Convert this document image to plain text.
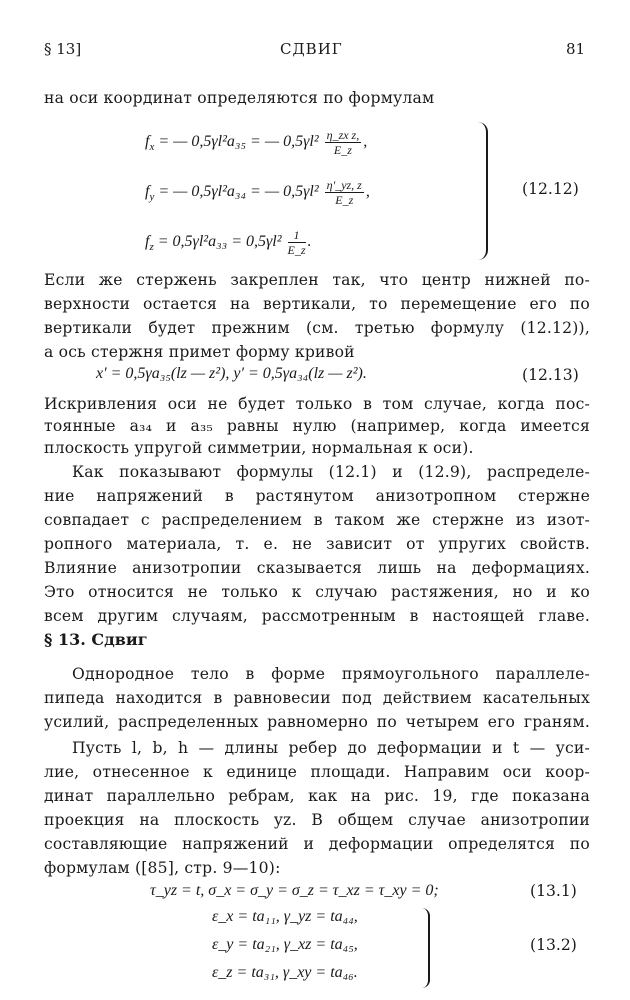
§ 13]	СДВИГ	81
на оси координат определяются по формулам
$f_x$ = — 0,5γl²a₃₅ = — $0,5\gamma l^2 \frac{\text{η\_zx z,}}{E\_z}$ ,
$f_y$ = — 0,5γl²a₃₄ = — $0,5\gamma l^2 \frac{\eta'\_yz, z}{E\_z}$ ,
$f_z = 0,5\gamma l^2a_{33} = 0,5\gamma l^2 \frac{1}{E\_z}$ .
(12.12)
Если же стержень закреплен так, что центр нижней по-
верхности остается на вертикали, то перемещение его по
вертикали будет прежним (см. третью формулу (12.12)),
а ось стержня примет форму кривой
x′ = 0,5γa₃₅(lz — z²), y′ = 0,5γa₃₄(lz — z²).	(12.13)
Искривления оси не будет только в том случае, когда пос-
тоянные a₃₄ и a₃₅ равны нулю (например, когда имеется
плоскость упругой симметрии, нормальная к оси).
Как показывают формулы (12.1) и (12.9), распределе-
ние напряжений в растянутом анизотропном стержне
совпадает с распределением в таком же стержне из изот-
ропного материала, т. е. не зависит от упругих свойств.
Влияние анизотропии сказывается лишь на деформациях.
Это относится не только к случаю растяжения, но и ко
всем другим случаям, рассмотренным в настоящей главе.
§ 13. Сдвиг
Однородное тело в форме прямоугольного параллеле-
пипеда находится в равновесии под действием касательных
усилий, распределенных равномерно по четырем его граням.
Пусть l, b, h — длины ребер до деформации и t — уси-
лие, отнесенное к единице площади. Направим оси коор-
динат параллельно ребрам, как на рис. 19, где показана
проекция на плоскость yz. В общем случае анизотропии
составляющие напряжений и деформации определятся по
формулам ([85], стр. 9—10):
τ_yz = t, σ_x = σ_y = σ_z = τ_xz = τ_xy = 0;	(13.1)
ε_x = ta₁₁, γ_yz = ta₄₄,
ε_y = ta₂₁, γ_xz = ta₄₅,
ε_z = ta₃₁, γ_xy = ta₄₆.
(13.2)
